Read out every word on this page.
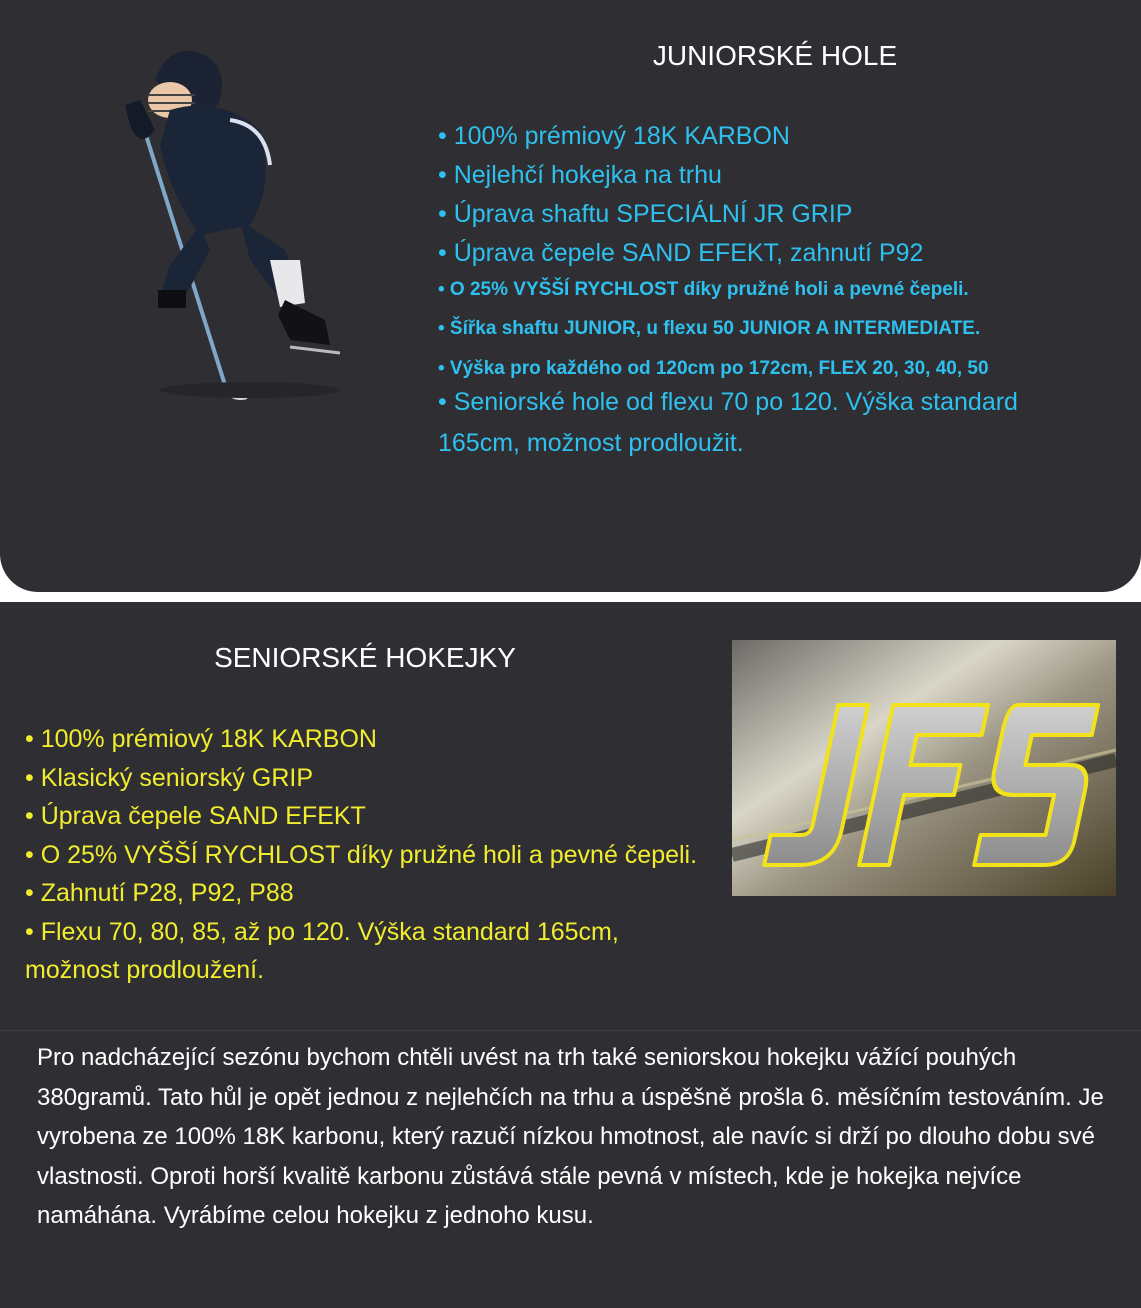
JUNIORSKÉ HOLE
• 100% prémiový 18K KARBON
• Nejlehčí hokejka na trhu
• Úprava shaftu SPECIÁLNÍ JR GRIP
• Úprava čepele SAND EFEKT, zahnutí P92
• O 25% VYŠŠÍ RYCHLOST díky pružné holi a pevné čepeli.
• Šířka shaftu JUNIOR, u flexu 50 JUNIOR A INTERMEDIATE.
• Výška pro každého od 120cm po 172cm, FLEX 20, 30, 40, 50
• Seniorské hole od flexu 70 po 120. Výška standard 165cm, možnost prodloužit.
SENIORSKÉ HOKEJKY
• 100% prémiový 18K KARBON
• Klasický seniorský GRIP
• Úprava čepele SAND EFEKT
• O 25% VYŠŠÍ RYCHLOST díky pružné holi a pevné čepeli.
• Zahnutí P28, P92, P88
• Flexu 70, 80, 85, až po 120. Výška standard 165cm, možnost prodloužení.

Pro nadcházející sezónu bychom chtěli uvést na trh také seniorskou hokejku vážící pouhých 380gramů. Tato hůl je opět jednou z nejlehčích na trhu a úspěšně prošla 6. měsíčním testováním. Je vyrobena ze 100% 18K karbonu, který razučí nízkou hmotnost, ale navíc si drží po dlouho dobu své vlastnosti. Oproti horší kvalitě karbonu zůstává stále pevná v místech, kde je hokejka nejvíce namáhána. Vyrábíme celou hokejku z jednoho kusu.
